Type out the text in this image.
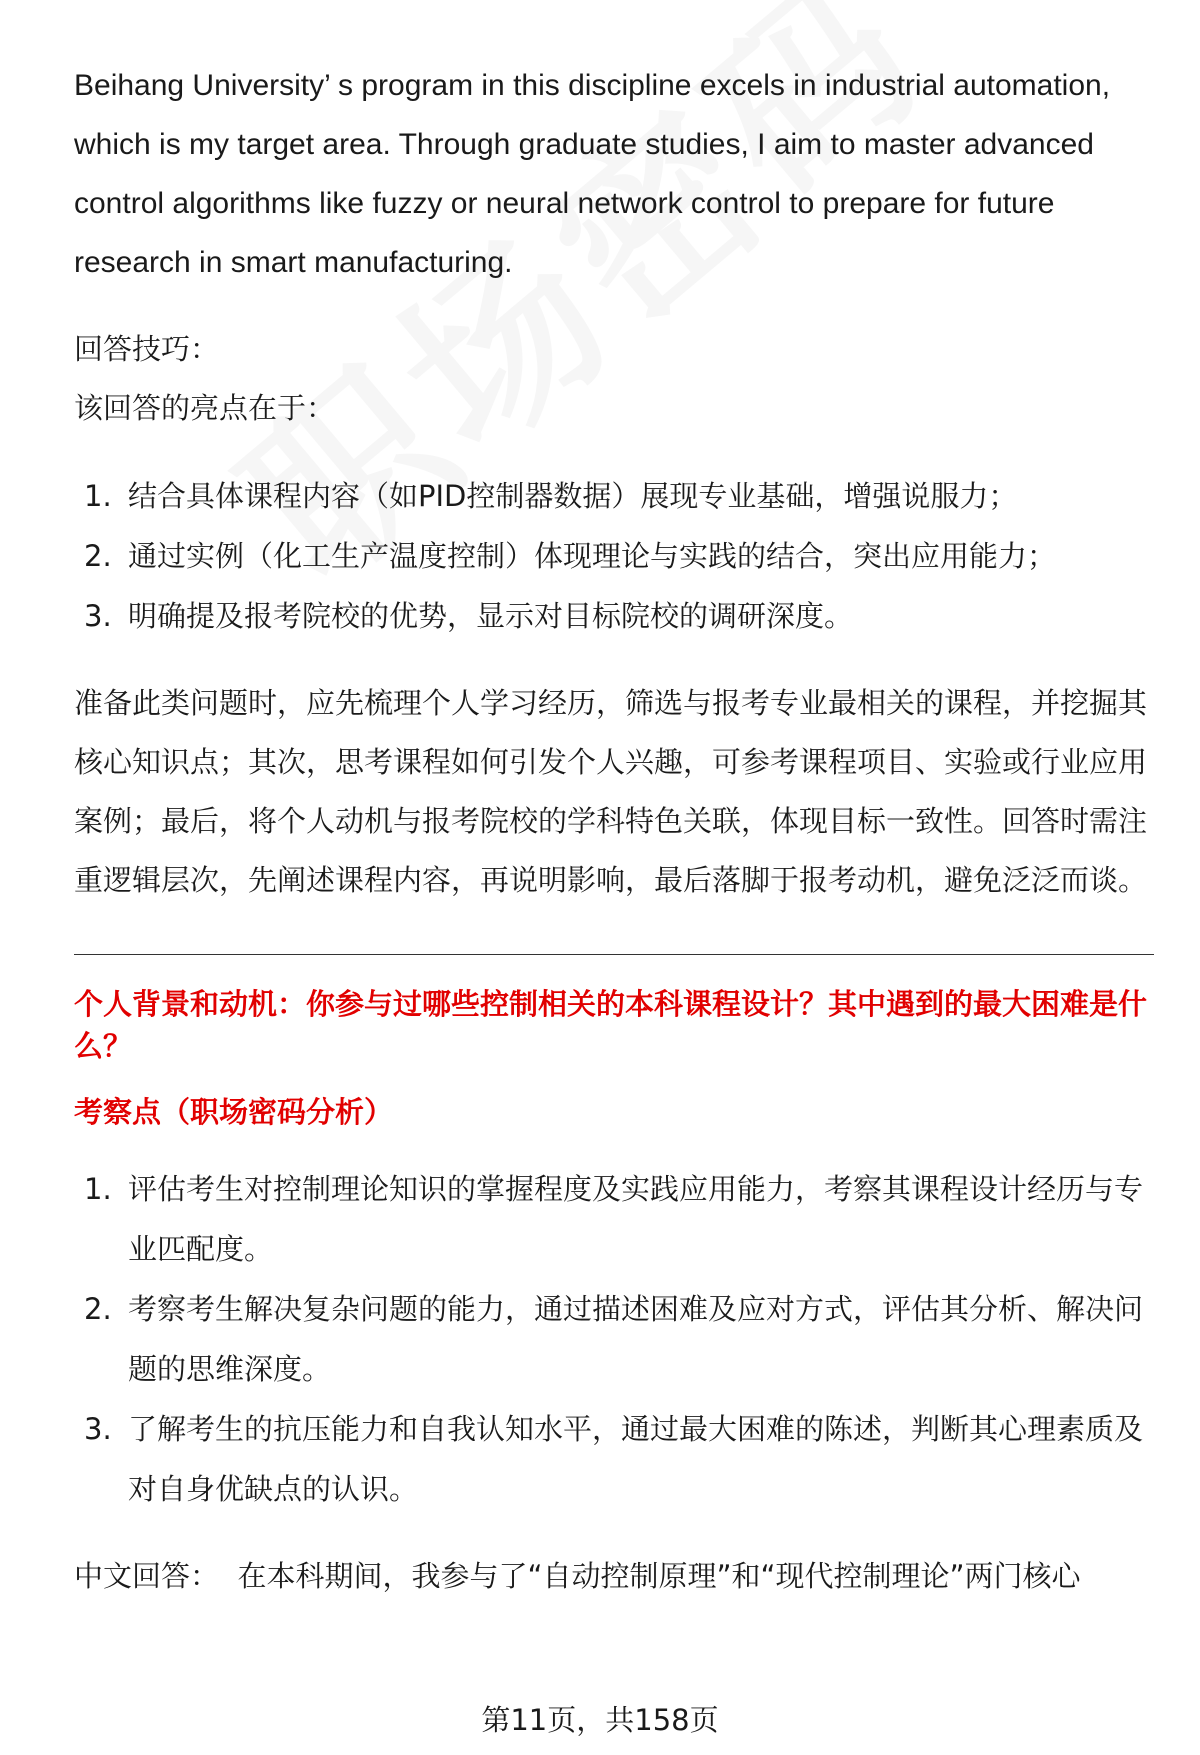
Beihang University’ s program in this discipline excels in industrial automation, which is my target area. Through graduate studies, I aim to master advanced control algorithms like fuzzy or neural network control to prepare for future research in smart manufacturing.

回答技巧：

该回答的亮点在于：

1. 结合具体课程内容（如PID控制器数据）展现专业基础，增强说服力；
2. 通过实例（化工生产温度控制）体现理论与实践的结合，突出应用能力；
3. 明确提及报考院校的优势，显示对目标院校的调研深度。

准备此类问题时，应先梳理个人学习经历，筛选与报考专业最相关的课程，并挖掘其核心知识点；其次，思考课程如何引发个人兴趣，可参考课程项目、实验或行业应用案例；最后，将个人动机与报考院校的学科特色关联，体现目标一致性。回答时需注重逻辑层次，先阐述课程内容，再说明影响，最后落脚于报考动机，避免泛泛而谈。

个人背景和动机：你参与过哪些控制相关的本科课程设计？其中遇到的最大困难是什么？

考察点（职场密码分析）

1. 评估考生对控制理论知识的掌握程度及实践应用能力，考察其课程设计经历与专业匹配度。
2. 考察考生解决复杂问题的能力，通过描述困难及应对方式，评估其分析、解决问题的思维深度。
3. 了解考生的抗压能力和自我认知水平，通过最大困难的陈述，判断其心理素质及对自身优缺点的认识。

中文回答： 在本科期间，我参与了“自动控制原理”和“现代控制理论”两门核心

第11页，共158页
